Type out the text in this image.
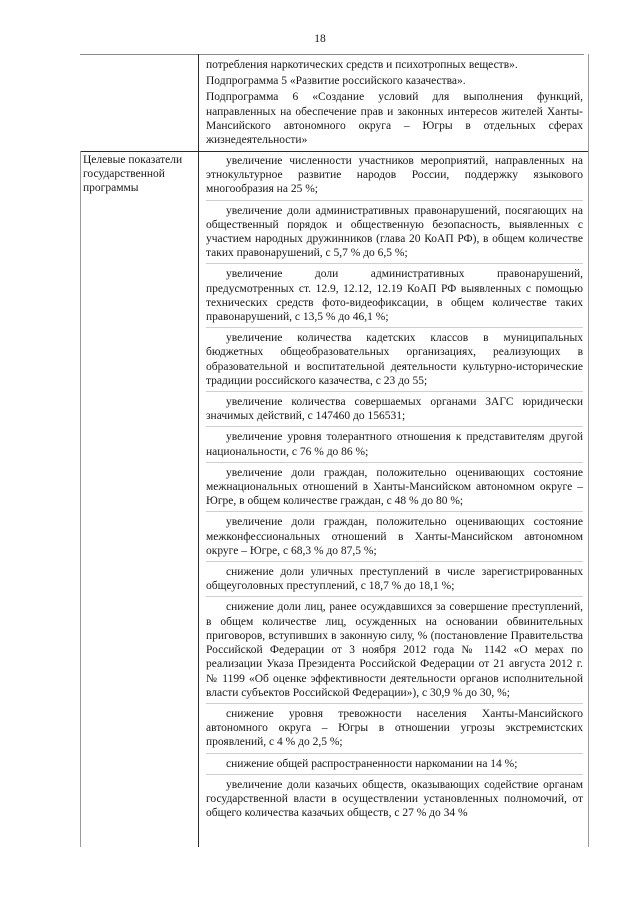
18

потребления наркотических средств и психотропных веществ».

Подпрограмма 5 «Развитие российского казачества».

Подпрограмма 6 «Создание условий для выполнения функций, направленных на обеспечение прав и законных интересов жителей Ханты-Мансийского автономного округа – Югры в отдельных сферах жизнедеятельности»

Целевые показатели государственной программы

увеличение численности участников мероприятий, направленных на этнокультурное развитие народов России, поддержку языкового многообразия на 25 %;

увеличение доли административных правонарушений, посягающих на общественный порядок и общественную безопасность, выявленных с участием народных дружинников (глава 20 КоАП РФ), в общем количестве таких правонарушений, с 5,7 % до 6,5 %;

увеличение доли административных правонарушений, предусмотренных ст. 12.9, 12.12, 12.19 КоАП РФ выявленных с помощью технических средств фото-видеофиксации, в общем количестве таких правонарушений, с 13,5 % до 46,1 %;

увеличение количества кадетских классов в муниципальных бюджетных общеобразовательных организациях, реализующих в образовательной и воспитательной деятельности культурно-исторические традиции российского казачества, с 23 до 55;

увеличение количества совершаемых органами ЗАГС юридически значимых действий, с 147460 до 156531;

увеличение уровня толерантного отношения к представителям другой национальности, с 76 % до 86 %;

увеличение доли граждан, положительно оценивающих состояние межнациональных отношений в Ханты-Мансийском автономном округе – Югре, в общем количестве граждан, с 48 % до 80 %;

увеличение доли граждан, положительно оценивающих состояние межконфессиональных отношений в Ханты-Мансийском автономном округе – Югре, с 68,3 % до 87,5 %;

снижение доли уличных преступлений в числе зарегистрированных общеуголовных преступлений, с 18,7 % до 18,1 %;

снижение доли лиц, ранее осуждавшихся за совершение преступлений, в общем количестве лиц, осужденных на основании обвинительных приговоров, вступивших в законную силу, % (постановление Правительства Российской Федерации от 3 ноября 2012 года № 1142 «О мерах по реализации Указа Президента Российской Федерации от 21 августа 2012 г. № 1199 «Об оценке эффективности деятельности органов исполнительной власти субъектов Российской Федерации»), с 30,9 % до 30, %;

снижение уровня тревожности населения Ханты-Мансийского автономного округа – Югры в отношении угрозы экстремистских проявлений, с 4 % до 2,5 %;

снижение общей распространенности наркомании на 14 %;

увеличение доли казачьих обществ, оказывающих содействие органам государственной власти в осуществлении установленных полномочий, от общего количества казачьих обществ, с 27 % до 34 %
